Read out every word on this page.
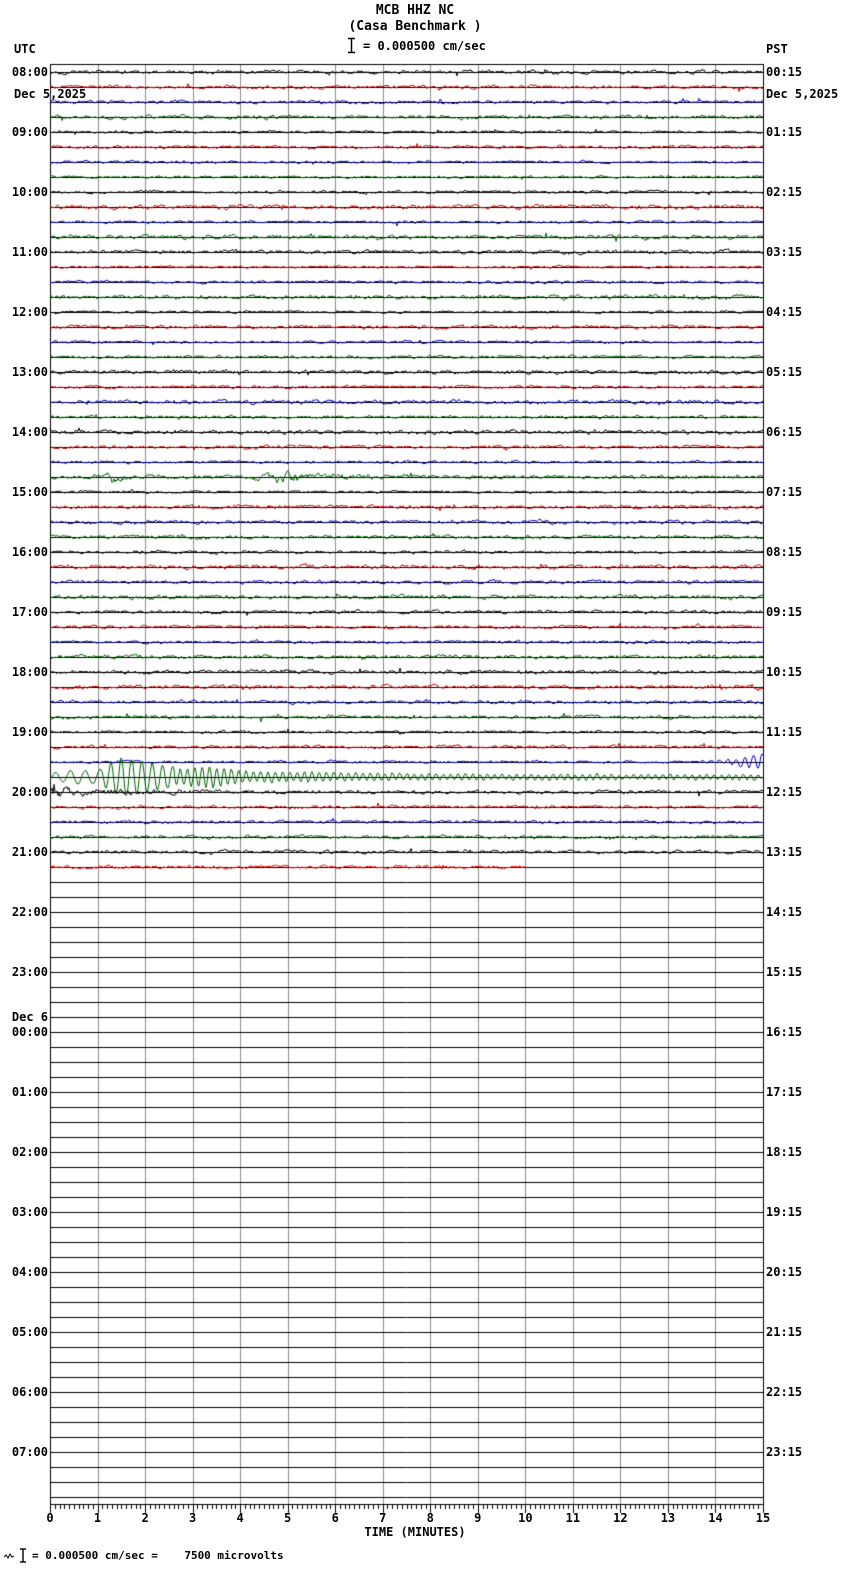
MCB HHZ NC
(Casa Benchmark )
= 0.000500 cm/sec

UTC

Dec 5,2025

PST

Dec 5,2025

08:00
09:00
10:00
11:00
12:00
13:00
14:00
15:00
16:00
17:00
18:00
19:00
20:00
21:00
22:00
23:00
Dec 6
00:00
01:00
02:00
03:00
04:00
05:00
06:00
07:00
00:15
01:15
02:15
03:15
04:15
05:15
06:15
07:15
08:15
09:15
10:15
11:15
12:15
13:15
14:15
15:15
16:15
17:15
18:15
19:15
20:15
21:15
22:15
23:15
0	1	2	3	4	5	6	7	8	9	10	11	12	13	14	15
TIME (MINUTES)
= 0.000500 cm/sec =    7500 microvolts
